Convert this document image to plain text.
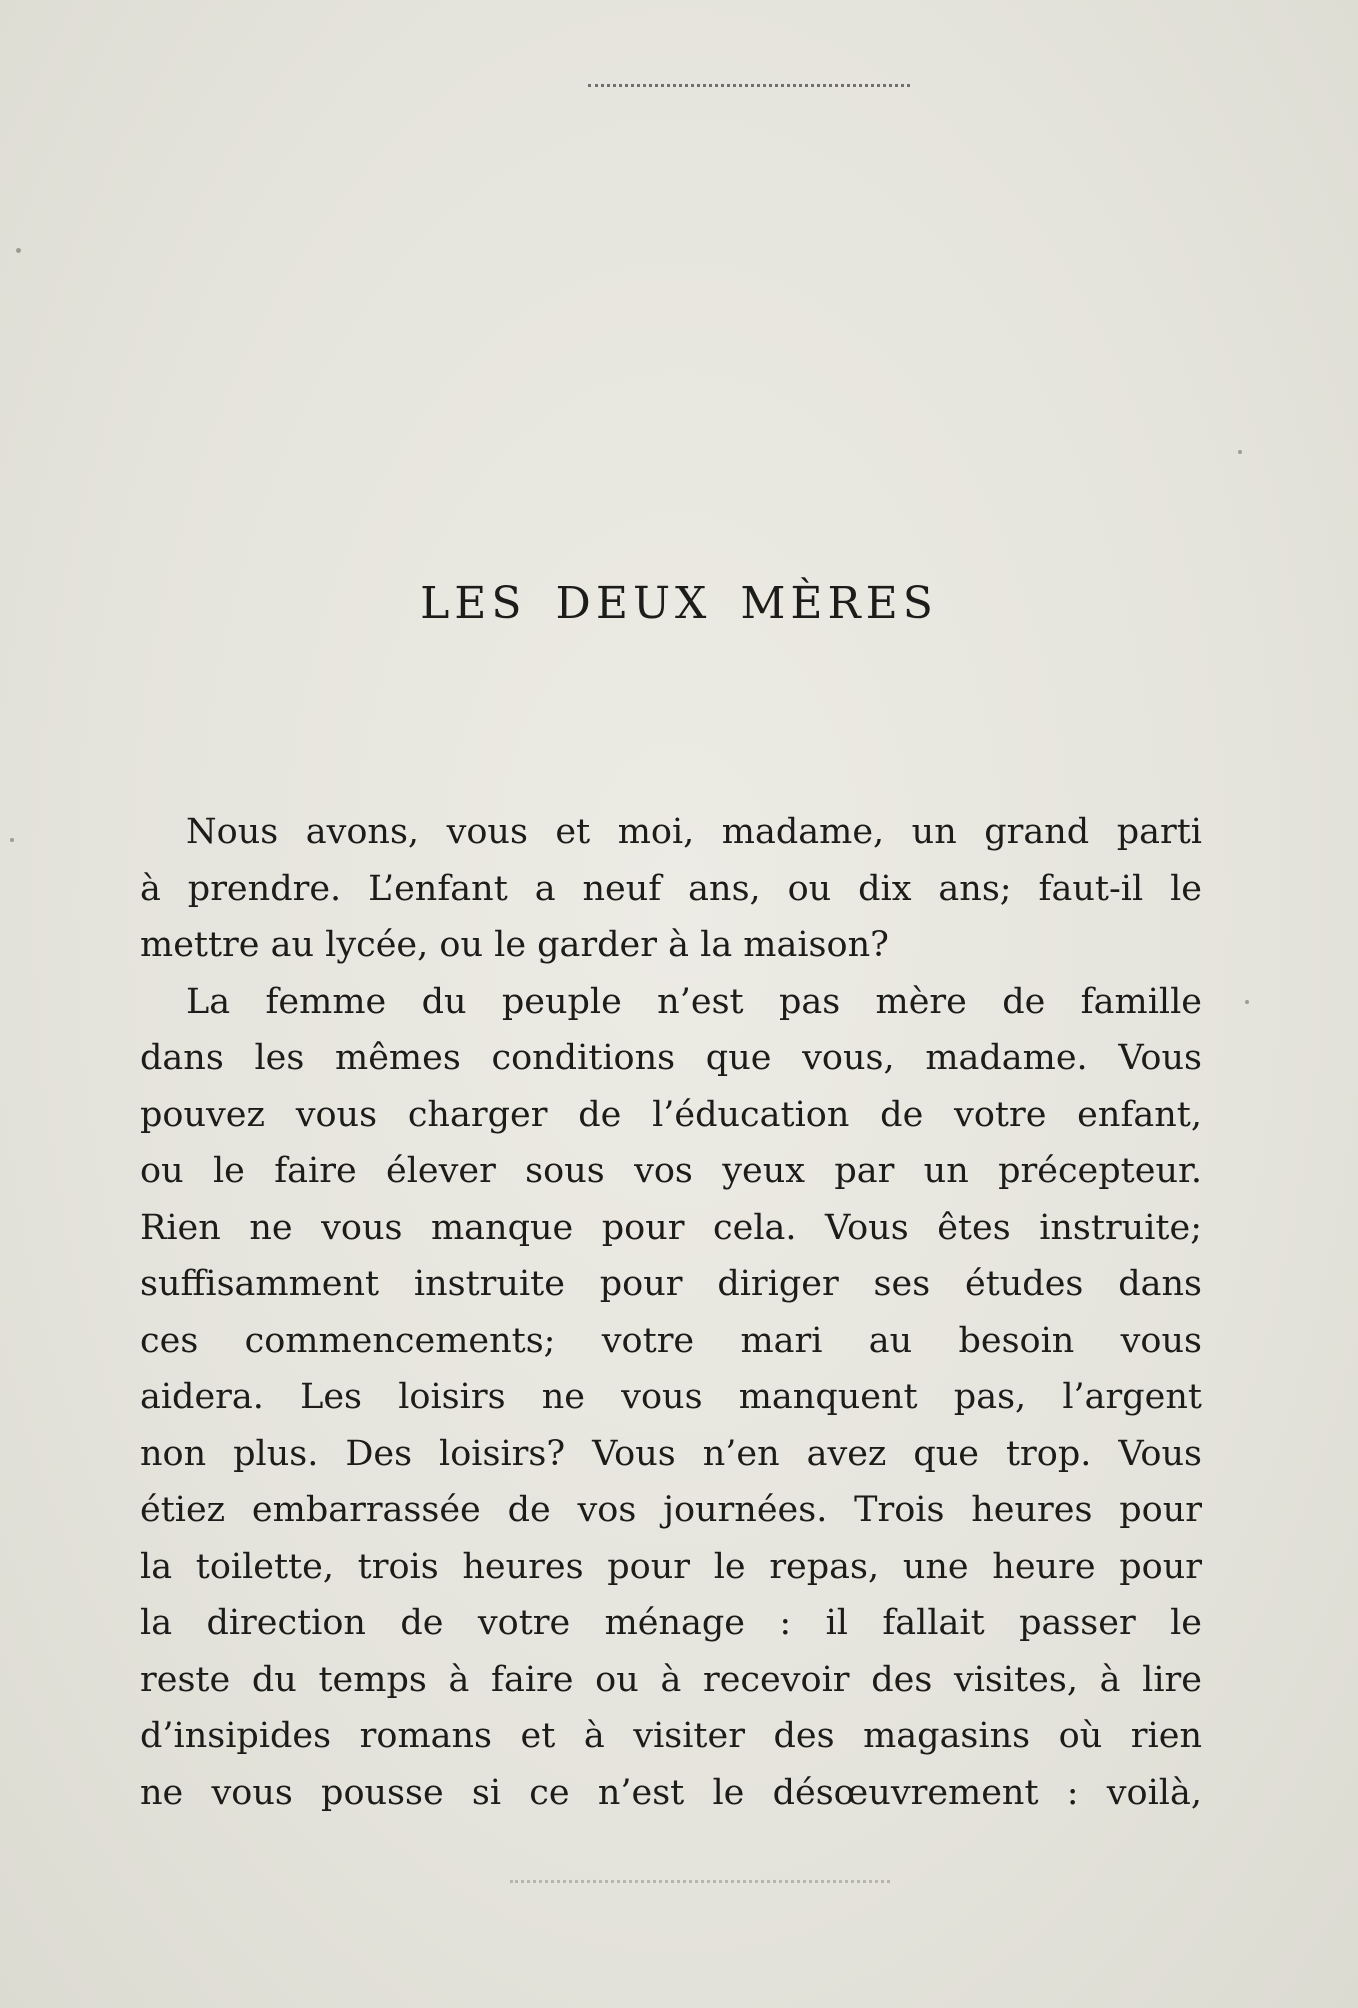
LES DEUX MÈRES
Nous avons, vous et moi, madame, un grand parti
à prendre. L’enfant a neuf ans, ou dix ans; faut-il le
mettre au lycée, ou le garder à la maison?
La femme du peuple n’est pas mère de famille
dans les mêmes conditions que vous, madame. Vous
pouvez vous charger de l’éducation de votre enfant,
ou le faire élever sous vos yeux par un précepteur.
Rien ne vous manque pour cela. Vous êtes instruite;
suffisamment instruite pour diriger ses études dans
ces commencements; votre mari au besoin vous
aidera. Les loisirs ne vous manquent pas, l’argent
non plus. Des loisirs? Vous n’en avez que trop. Vous
étiez embarrassée de vos journées. Trois heures pour
la toilette, trois heures pour le repas, une heure pour
la direction de votre ménage : il fallait passer le
reste du temps à faire ou à recevoir des visites, à lire
d’insipides romans et à visiter des magasins où rien
ne vous pousse si ce n’est le désœuvrement : voilà,
